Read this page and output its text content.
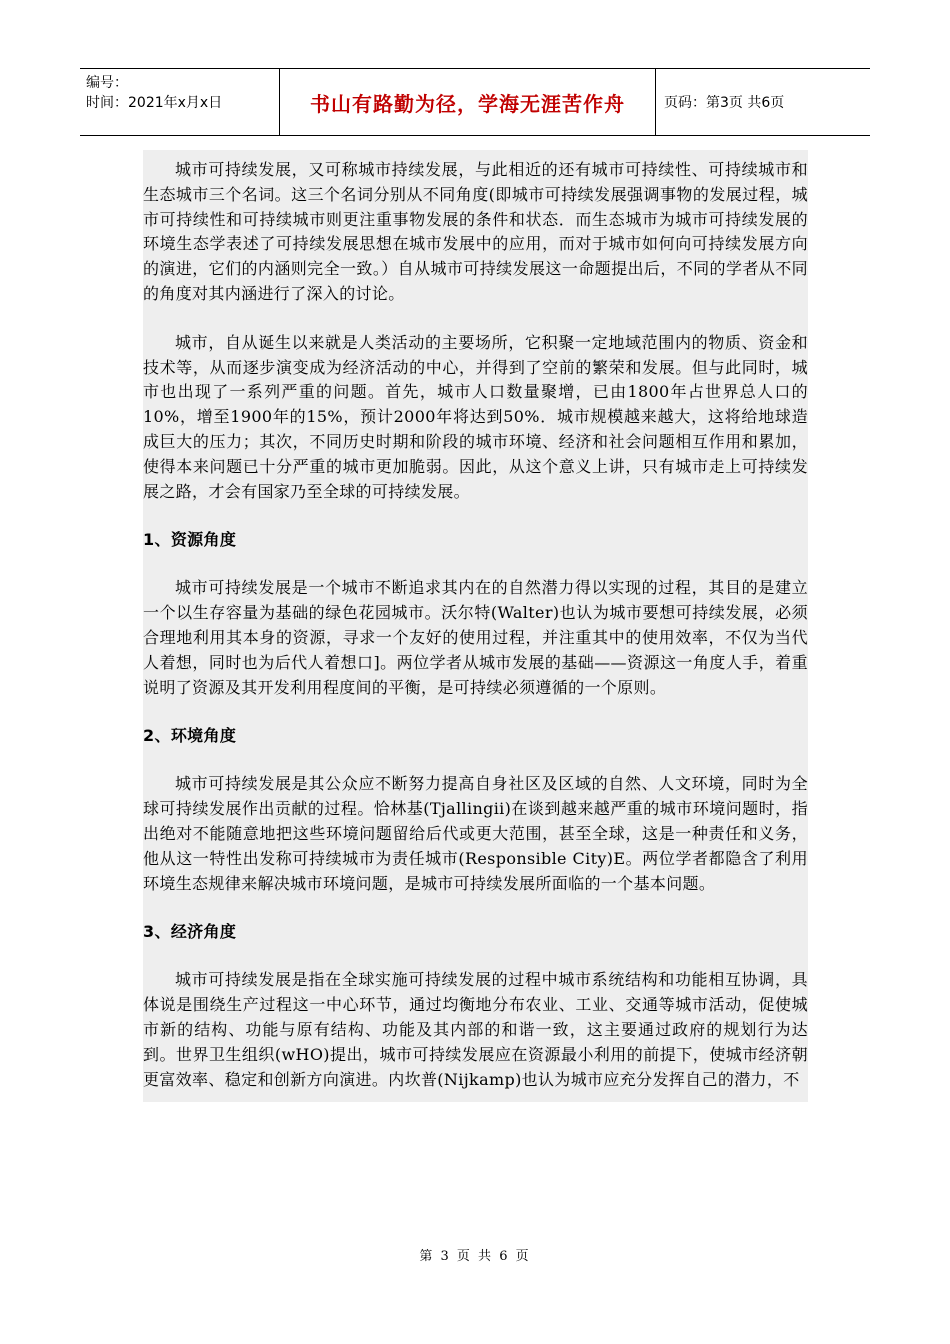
编号：
时间：2021年x月x日	书山有路勤为径，学海无涯苦作舟	页码：第3页 共6页

城市可持续发展，又可称城市持续发展，与此相近的还有城市可持续性、可持续城市和生态城市三个名词。这三个名词分别从不同角度(即城市可持续发展强调事物的发展过程，城市可持续性和可持续城市则更注重事物发展的条件和状态．而生态城市为城市可持续发展的环境生态学表述了可持续发展思想在城市发展中的应用，而对于城市如何向可持续发展方向的演进，它们的内涵则完全一致。）自从城市可持续发展这一命题提出后，不同的学者从不同的角度对其内涵进行了深入的讨论。

城市，自从诞生以来就是人类活动的主要场所，它积聚一定地域范围内的物质、资金和技术等，从而逐步演变成为经济活动的中心，并得到了空前的繁荣和发展。但与此同时，城市也出现了一系列严重的问题。首先，城市人口数量聚增，已由1800年占世界总人口的10%，增至1900年的15%，预计2000年将达到50%．城市规模越来越大，这将给地球造成巨大的压力；其次，不同历史时期和阶段的城市环境、经济和社会问题相互作用和累加，使得本来问题已十分严重的城市更加脆弱。因此，从这个意义上讲，只有城市走上可持续发展之路，才会有国家乃至全球的可持续发展。

1、资源角度

城市可持续发展是一个城市不断追求其内在的自然潜力得以实现的过程，其目的是建立一个以生存容量为基础的绿色花园城市。沃尔特(Walter)也认为城市要想可持续发展，必须合理地利用其本身的资源，寻求一个友好的使用过程，并注重其中的使用效率，不仅为当代人着想，同时也为后代人着想口]。两位学者从城市发展的基础——资源这一角度人手，着重说明了资源及其开发利用程度间的平衡，是可持续必须遵循的一个原则。

2、环境角度

城市可持续发展是其公众应不断努力提高自身社区及区域的自然、人文环境，同时为全球可持续发展作出贡献的过程。恰林基(Tjallingii)在谈到越来越严重的城市环境问题时，指出绝对不能随意地把这些环境问题留给后代或更大范围，甚至全球，这是一种责任和义务，他从这一特性出发称可持续城市为责任城市(Responsible City)E。两位学者都隐含了利用环境生态规律来解决城市环境问题，是城市可持续发展所面临的一个基本问题。

3、经济角度

城市可持续发展是指在全球实施可持续发展的过程中城市系统结构和功能相互协调，具体说是围绕生产过程这一中心环节，通过均衡地分布农业、工业、交通等城市活动，促使城市新的结构、功能与原有结构、功能及其内部的和谐一致，这主要通过政府的规划行为达到。世界卫生组织(wHO)提出，城市可持续发展应在资源最小利用的前提下，使城市经济朝更富效率、稳定和创新方向演进。内坎普(Nijkamp)也认为城市应充分发挥自己的潜力，不

第 3 页 共 6 页
